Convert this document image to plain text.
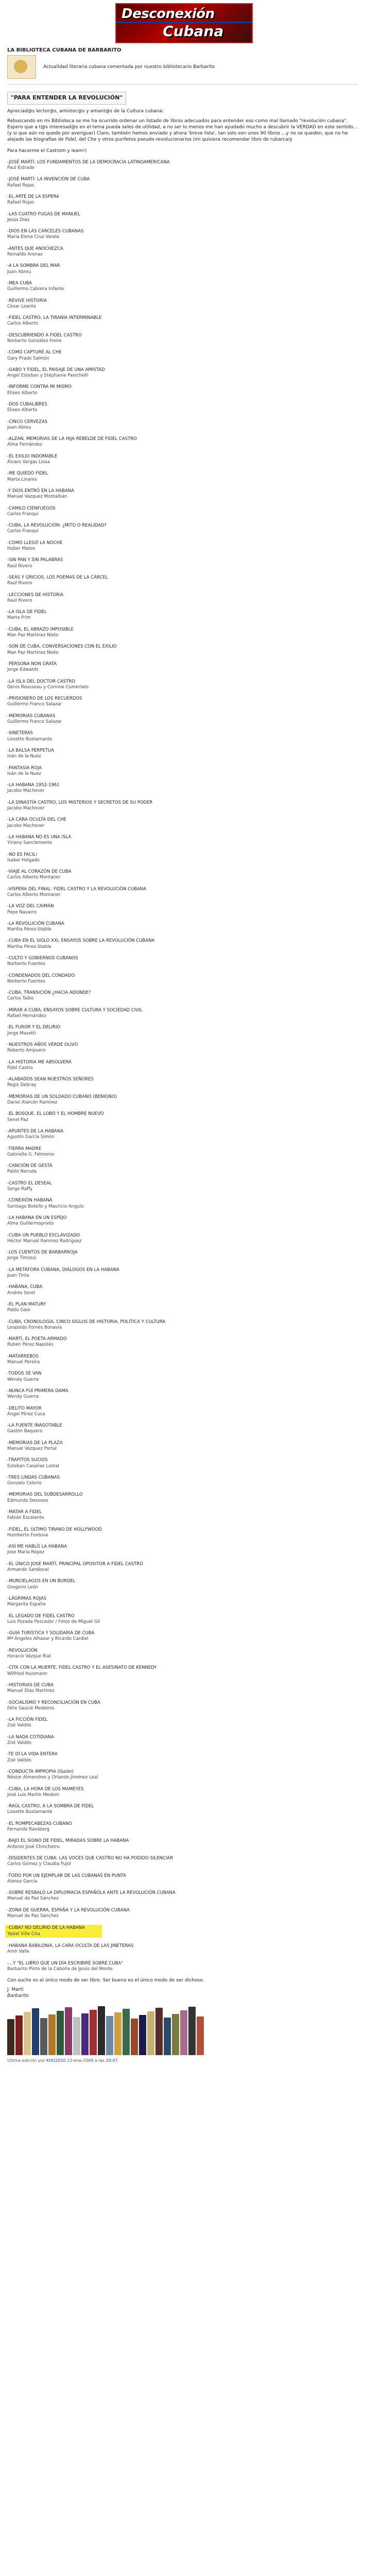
Desconexión
Cubana
LA BIBLIOTECA CUBANA DE BARBARITO
Actualidad literaria cubana comentada por nuestro bibliotecario Barbarito
"PARA ENTENDER LA REVOLUCIÓN"
Apreciad@s lector@s, amistoc@s y amant@s de la Cultura cubana:
Rebuscando en mi Biblioteca se me ha ocurrido ordenar un listado de libros adecuados para entender eso como mal llamado "revolución cubana". Espero que a t@s interesad@s en el tema pueda seles de utilidad, a no ser lo menos me han ayudado mucho a descubrir la VERDAD en este sentido... (y si que aún no quede por averiguar) Claro, también hemos enviado y ahora 'breve lista', tan solo son unos 90 libros ...y no se queden, que no he alejado las biografías de Fidel, del Che y otros purifetos pseudo-revolucionarios (mi quisiera recomendar libro de rubarca/y
Para hacerme el Castrom y leam!)
-JOSÉ MARTÍ: LOS FUNDAMENTOS DE LA DEMOCRACIA LATINOAMERICANA
Paul Estrade
-JOSÉ MARTÍ: LA INVENCIÓN DE CUBA
Rafael Rojas
-EL ARTE DE LA ESPERA
Rafael Rojas
-LAS CUATRO FUGAS DE MANUEL
Jesús Díaz
-DIOS EN LAS CÁRCELES CUBANAS
María Elena Cruz Varela
-ANTES QUE ANOCHEZCA
Reinaldo Arenas
-A LA SOMBRA DEL MAR
Juan Abreu
-MEA CUBA
Guillermo Cabrera Infante
-REVIVE HISTORIA
César Leante
-FIDEL CASTRO, LA TIRANÍA INTERMINABLE
Carlos Alberto
-DESCUBRIENDO A FIDEL CASTRO
Norberto González Freire
-COMO CAPTURÉ AL CHE
Gary Prado Salmón
-GABO Y FIDEL, EL PAISAJE DE UNA AMISTAD
Angel Esteban y Stéphanie Panichelli
-INFORME CONTRA MI MISMO
Eliseo Alberto
-DOS CUBALIBRES
Eliseo Alberto
-CINCO CERVEZAS
Juan Abreu
-ALZAN, MEMORIAS DE LA HIJA REBELDE DE FIDEL CASTRO
Alina Fernández
-EL EXILIO INDOMABLE
Álvaro Vargas Llosa
-ME QUIEDO FIDEL
Marta Linares
-Y DIOS ENTRÓ EN LA HABANA
Manuel Vázquez Montalbán
-CAMILO CIENFUEGOS
Carlos Franqui
-CUBA, LA REVOLUCIÓN: ¿MITO O REALIDAD?
Carlos Franqui
-COMO LLEGÓ LA NOCHE
Huber Matos
-SIN PAN Y SIN PALABRAS
Raúl Rivero
-SEAS Y GRICIOS, LOS POEMAS DE LA CÁRCEL
Raúl Rivero
-LECCIONES DE HISTORIA
Raúl Rivero
-LA ISLA DE FIDEL
Marta Frim
-CUBA, EL ABRAZO IMPOSIBLE
Man Paz Martínez Nieto
-SON DE CUBA, CONVERSACIONES CON EL EXILIO
Man Paz Martínez Nieto
-PERSONA NON GRATA
Jorge Edwards
-LA ISLA DEL DOCTOR CASTRO
Denis Rousseau y Corinne Cumerlato
-PRISIONERO DE LOS RECUERDOS
Guillermo Franco Salazar
-MEMORIAS CUBANAS
Guillermo Franco Salazar
-SINETERAS
Lissette Bustamante
-LA BALSA PERPETUA
Iván de la Nuez
-FANTASÍA ROJA
Iván de la Nuez
-LA HABANA 1952-1961
Jacobo Machover
-LA DINASTÍA CASTRO, LOS MISTERIOS Y SECRETOS DE SU PODER
Jacobo Machover
-LA CARA OCULTA DEL CHE
Jacobo Machover
-LA HABANA NO ES UNA ISLA
Yiriany Sanclemente
-NO ES FACIL!
Isabel Holgado
-VIAJE AL CORAZÓN DE CUBA
Carlos Alberto Montaner
-VISPERA DEL FINAL: FIDEL CASTRO Y LA REVOLUCIÓN CUBANA
Carlos Alberto Montaner
-LA VOZ DEL CAIMÁN
Pepe Navarro
-LA REVOLUCIÓN CUBANA
Martha Pérez-Stable
-CUBA EN EL SIGLO XXI, ENSAYOS SOBRE LA REVOLUCIÓN CUBANA
Martha Pérez-Stable
-CULTO Y GOBIERNOS CUBANOS
Norberto Fuentes
-CONDENADOS DEL CONDADO
Norberto Fuentes
-CUBA, TRANSICIÓN ¿HACIA ADONDE?
Carlos Taibo
-MIRAR A CUBA, ENSAYOS SOBRE CULTURA Y SOCIEDAD CIVIL
Rafael Hernández
-EL FUROR Y EL DELIRIO
Jorge Masetti
-NUESTROS AÑOS VERDE OLIVO
Roberto Ampuero
-LA HISTORIA ME ABSOLVERÁ
Fidel Castro
-ALABADOS SEAN NUESTROS SEÑORES
Regis Debray
-MEMORIAS DE UN SOLDADO CUBANO (BENIGNO)
Dariel Alarcón Ramírez
-EL BOSQUE, EL LOBO Y EL HOMBRE NUEVO
Senel Paz
-APUNTES DE LA HABANA
Agustín García Simón
-TIERRA MADRE
Gabriella G. Felmorov
-CANCIÓN DE GESTA
Pablo Neruda
-CASTRO EL DESEAL
Serge Raffy
-CONEXIÓN HABANA
Santiago Botello y Mauricio Angulo
-LA HABANA EN UN ESPEJO
Alma Guillermoprieto
-CUBA UN PUEBLO ESCLAVIZADO
Héctor Manuel Ramírez Rodríguez
-LOS CUENTOS DE BARBARROJA
Jorge Timossi
-LA METÁFORA CUBANA, DIÁLOGOS EN LA HABANA
Juan Tinta
-HABANA, CUBA
Andrés Sorel
-EL PLAN MATURY
Pablo Gaio
-CUBA, CRONOLOGÍA, CINCO SIGLOS DE HISTORIA, POLÍTICA Y CULTURA
Leopoldo Fornés Bonavía
-MARTÍ, EL POETA ARMADO
Rubén Pérez Napolés
-MATARREBOS
Manuel Pereira
-TODOS SE VAN
Wendy Guerra
-NUNCA FUÍ PRIMERA DAMA
Wendy Guerra
-DELITO MAYOR
Ángel Pérez Cuca
-LA FUENTE INAGOTABLE
Gastón Baquero
-MEMORIAS DE LA PLAZA
Manuel Vázquez Portal
-TRAPITOS SUCIOS
Esteban Casañas Lostal
-TRES LINDAS CUBANAS
Gonzalo Celorio
-MEMORIAS DEL SUBDESARROLLO
Edmundo Desnoes
-MATAR A FIDEL
Fabián Escalante
-FIDEL, EL ÚLTIMO TIRANO DE HOLLYWOOD
Humberto Fontova
-ASÍ ME HABLÓ LA HABANA
Jose María Rópez
-EL ÚNICO JOSÉ MARTÍ, PRINCIPAL OPOSITOR A FIDEL CASTRO
Armando Sandoval
-MURCIELAGOS EN UN BURDEL
Gregorio León
-LÁGRIMAS ROJAS
Margarita España
-EL LEGADO DE FIDEL CASTRO
Luis Pozada Pescador / Fotos de Miguel Gil
-GUÍA TURÍSTICA Y SOLIDARIA DE CUBA
Mª Ángeles Alhazar y Ricardo Cardiel
-REVOLUCIÓN
Horacio Vázque Rial
-CITA CON LA MUERTE, FIDEL CASTRO Y EL ASESINATO DE KENNEDY
Wilfried Huismann
-HISTORIAS DE CUBA
Manuel Díaz Martínez
-SOCIALISMO Y RECONCILIACIÓN EN CUBA
Félix Saucié Medeiros
-LA FICCIÓN FIDEL
Zoé Valdés
-LA NADA COTIDIANA
Zoé Valdés
-TE DÍ LA VIDA ENTERA
Zoé Valdés
-CONDUCTA IMPROPIA (Guión)
Néstor Almendros y Orlando Jiménez Leal
-CUBA, LA HORA DE LOS MAMEYES
José Luis Martín Medem
-RAÚL CASTRO, A LA SOMBRA DE FIDEL
Lissette Bustamante
-EL ROMPECABEZAS CUBANO
Fernando Ravsberg
-BAJO EL SIGNO DE FIDEL, MIRADAS SOBRE LA HABANA
Antonio José Chinchetru
-DISIDENTES DE CUBA: LAS VOCES QUE CASTRO NO HA PODIDO SILENCIAR
Carlos Gómez y Claudia Fujol
-TODO POR UN EJEMPLAR DE LAS CUBANAS EN PUNTA
Alonso García
-SOBRE RESBALÓ LA DIPLOMACIA ESPAÑOLA ANTE LA REVOLUCIÓN CUBANA
Manuel de Paz Sánchez
-ZONA DE GUERRA, ESPAÑA Y LA REVOLUCIÓN CUBANA
Manuel de Paz Sánchez
-CUBA? NO DELIRIO DE LA HABANA
Yasiel Ville Cita
-HABANA BABILONIA, LA CARA OCULTA DE LAS JINETERAS
Amir Valle
-...Y "EL LIBRO QUE UN DÍA ESCRIBIRÉ SOBRE CUBA"
Barbarito Pinto de la Caboña de Jesús del Monte
Con sucho es el único modo de ser libre. Ser bueno es el único modo de ser dichoso.
J. Martí
Barbarito
Última edición por KHO2010 23-ene-2009 a las 20:47.
